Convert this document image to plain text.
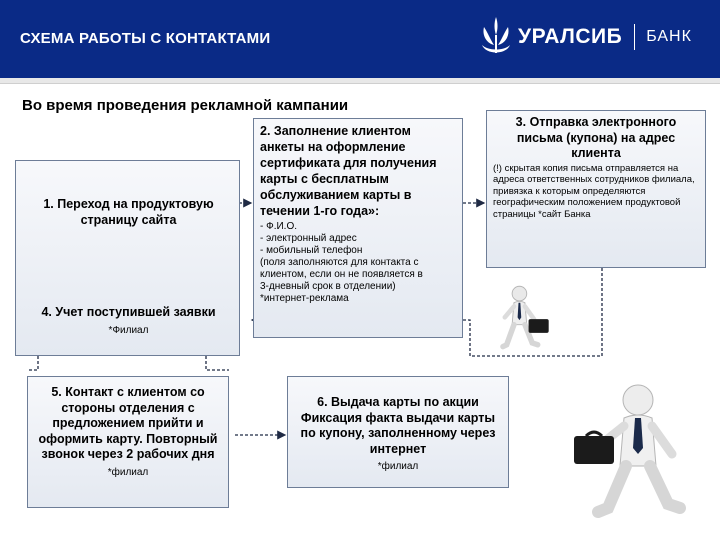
СХЕМА РАБОТЫ С КОНТАКТАМИ	УРАЛСИБ БАНК
Во время проведения рекламной кампании
1. Переход на продуктовую страницу сайта
4. Учет поступившей заявки
*Филиал
2. Заполнение клиентом анкеты на оформление сертификата для получения карты с бесплатным обслуживанием карты в течении 1-го года»:
- Ф.И.О.
- электронный адрес
- мобильный телефон
(поля заполняются для контакта с
клиентом, если он не появляется в
3-дневный срок в отделении)
*интернет-реклама
3. Отправка электронного письма (купона) на адрес клиента
(!) скрытая копия письма отправляется на адреса ответственных сотрудников филиала, привязка к которым определяются географическим положением продуктовой страницы *сайт Банка
5. Контакт с клиентом со стороны отделения с предложением прийти и оформить карту. Повторный звонок через 2 рабочих дня
*филиал
6. Выдача карты по акции Фиксация факта выдачи карты по купону, заполненному через интернет
*филиал
